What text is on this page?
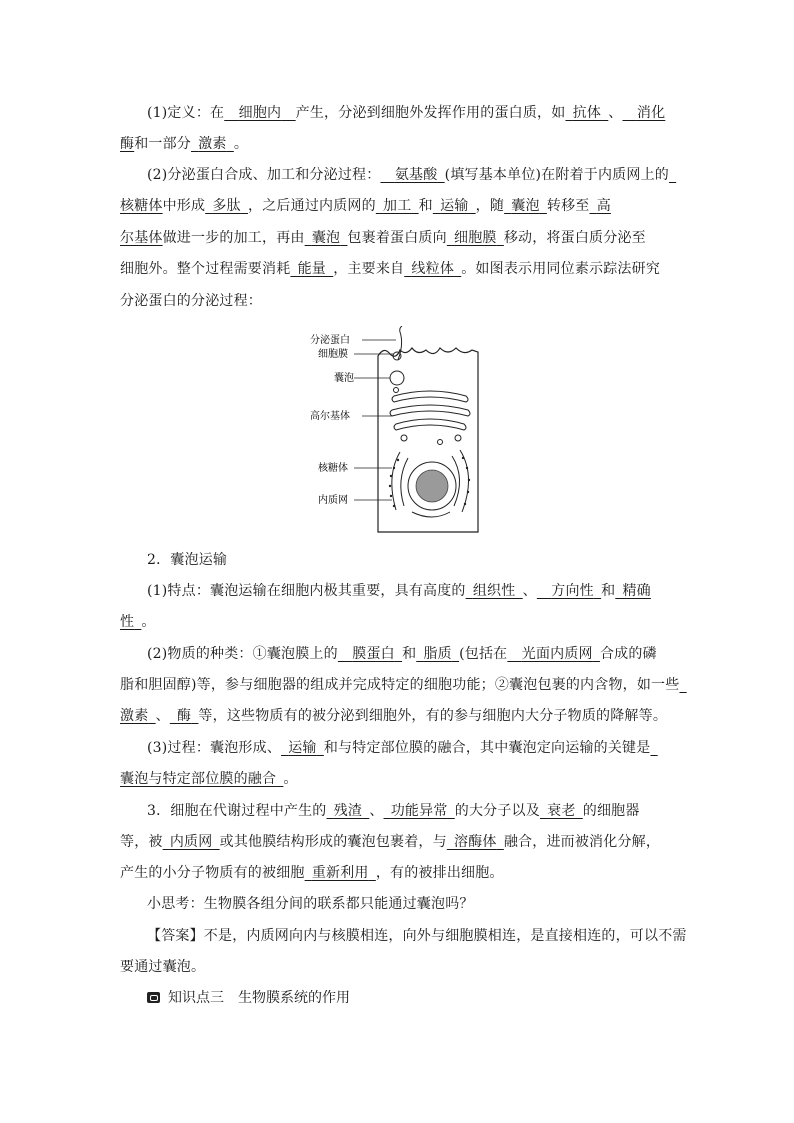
(1)定义：在   细胞内   产生，分泌到细胞外发挥作用的蛋白质，如  抗体  、   消化
酶和一部分  激素  。
(2)分泌蛋白合成、加工和分泌过程：   氨基酸  (填写基本单位)在附着于内质网上的 
核糖体中形成  多肽  ，之后通过内质网的  加工  和  运输  ，随  囊泡  转移至  高
尔基体做进一步的加工，再由  囊泡  包裹着蛋白质向  细胞膜  移动，将蛋白质分泌至
细胞外。整个过程需要消耗  能量  ，主要来自  线粒体  。如图表示用同位素示踪法研究
分泌蛋白的分泌过程：
分泌蛋白
细胞膜
囊泡
高尔基体
核糖体
内质网
2．囊泡运输
(1)特点：囊泡运输在细胞内极其重要，具有高度的  组织性  、   方向性  和  精确
性  。
(2)物质的种类：①囊泡膜上的   膜蛋白  和  脂质  (包括在   光面内质网  合成的磷
脂和胆固醇)等，参与细胞器的组成并完成特定的细胞功能；②囊泡包裹的内含物，如一些 
激素  、  酶  等，这些物质有的被分泌到细胞外，有的参与细胞内大分子物质的降解等。
(3)过程：囊泡形成、  运输  和与特定部位膜的融合，其中囊泡定向运输的关键是 
囊泡与特定部位膜的融合  。
3．细胞在代谢过程中产生的  残渣  、  功能异常  的大分子以及  衰老  的细胞器
等，被  内质网  或其他膜结构形成的囊泡包裹着，与  溶酶体  融合，进而被消化分解，
产生的小分子物质有的被细胞  重新利用  ，有的被排出细胞。
小思考：生物膜各组分间的联系都只能通过囊泡吗？
【答案】不是，内质网向内与核膜相连，向外与细胞膜相连，是直接相连的，可以不需
要通过囊泡。
知识点三　生物膜系统的作用
